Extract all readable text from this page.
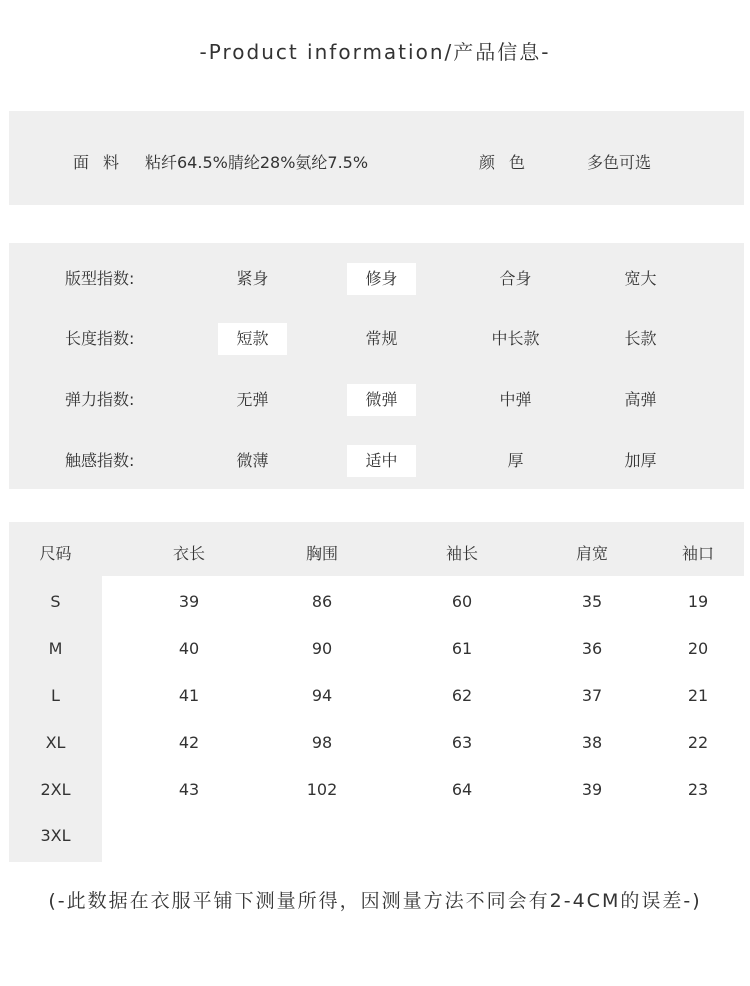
-Product information/产品信息-
面料 粘纤64.5%腈纶28%氨纶7.5%	颜色	多色可选
版型指数:	紧身	修身	合身	宽大
长度指数:	短款	常规	中长款	长款
弹力指数:	无弹	微弹	中弹	高弹
触感指数:	微薄	适中	厚	加厚
尺码	衣长	胸围	袖长	肩宽	袖口
S	39	86	60	35	19
M	40	90	61	36	20
L	41	94	62	37	21
XL	42	98	63	38	22
2XL	43	102	64	39	23
3XL
(-此数据在衣服平铺下测量所得，因测量方法不同会有2-4CM的误差-)
